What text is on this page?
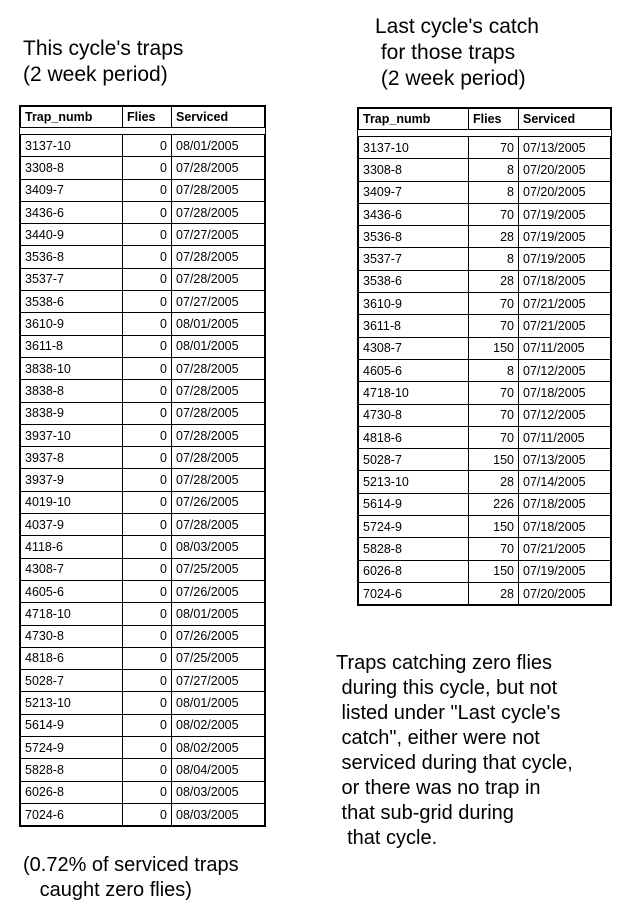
This cycle's traps
(2 week period)
Last cycle's catch
for those traps
(2 week period)
Trap_numb	Flies	Serviced

3137-10	0	08/01/2005
3308-8	0	07/28/2005
3409-7	0	07/28/2005
3436-6	0	07/28/2005
3440-9	0	07/27/2005
3536-8	0	07/28/2005
3537-7	0	07/28/2005
3538-6	0	07/27/2005
3610-9	0	08/01/2005
3611-8	0	08/01/2005
3838-10	0	07/28/2005
3838-8	0	07/28/2005
3838-9	0	07/28/2005
3937-10	0	07/28/2005
3937-8	0	07/28/2005
3937-9	0	07/28/2005
4019-10	0	07/26/2005
4037-9	0	07/28/2005
4118-6	0	08/03/2005
4308-7	0	07/25/2005
4605-6	0	07/26/2005
4718-10	0	08/01/2005
4730-8	0	07/26/2005
4818-6	0	07/25/2005
5028-7	0	07/27/2005
5213-10	0	08/01/2005
5614-9	0	08/02/2005
5724-9	0	08/02/2005
5828-8	0	08/04/2005
6026-8	0	08/03/2005
7024-6	0	08/03/2005
Trap_numb	Flies	Serviced

3137-10	70	07/13/2005
3308-8	8	07/20/2005
3409-7	8	07/20/2005
3436-6	70	07/19/2005
3536-8	28	07/19/2005
3537-7	8	07/19/2005
3538-6	28	07/18/2005
3610-9	70	07/21/2005
3611-8	70	07/21/2005
4308-7	150	07/11/2005
4605-6	8	07/12/2005
4718-10	70	07/18/2005
4730-8	70	07/12/2005
4818-6	70	07/11/2005
5028-7	150	07/13/2005
5213-10	28	07/14/2005
5614-9	226	07/18/2005
5724-9	150	07/18/2005
5828-8	70	07/21/2005
6026-8	150	07/19/2005
7024-6	28	07/20/2005
Traps catching zero flies
during this cycle, but not
listed under "Last cycle's
catch", either were not
serviced during that cycle,
or there was no trap in
that sub-grid during
that cycle.
(0.72% of serviced traps
caught zero flies)
